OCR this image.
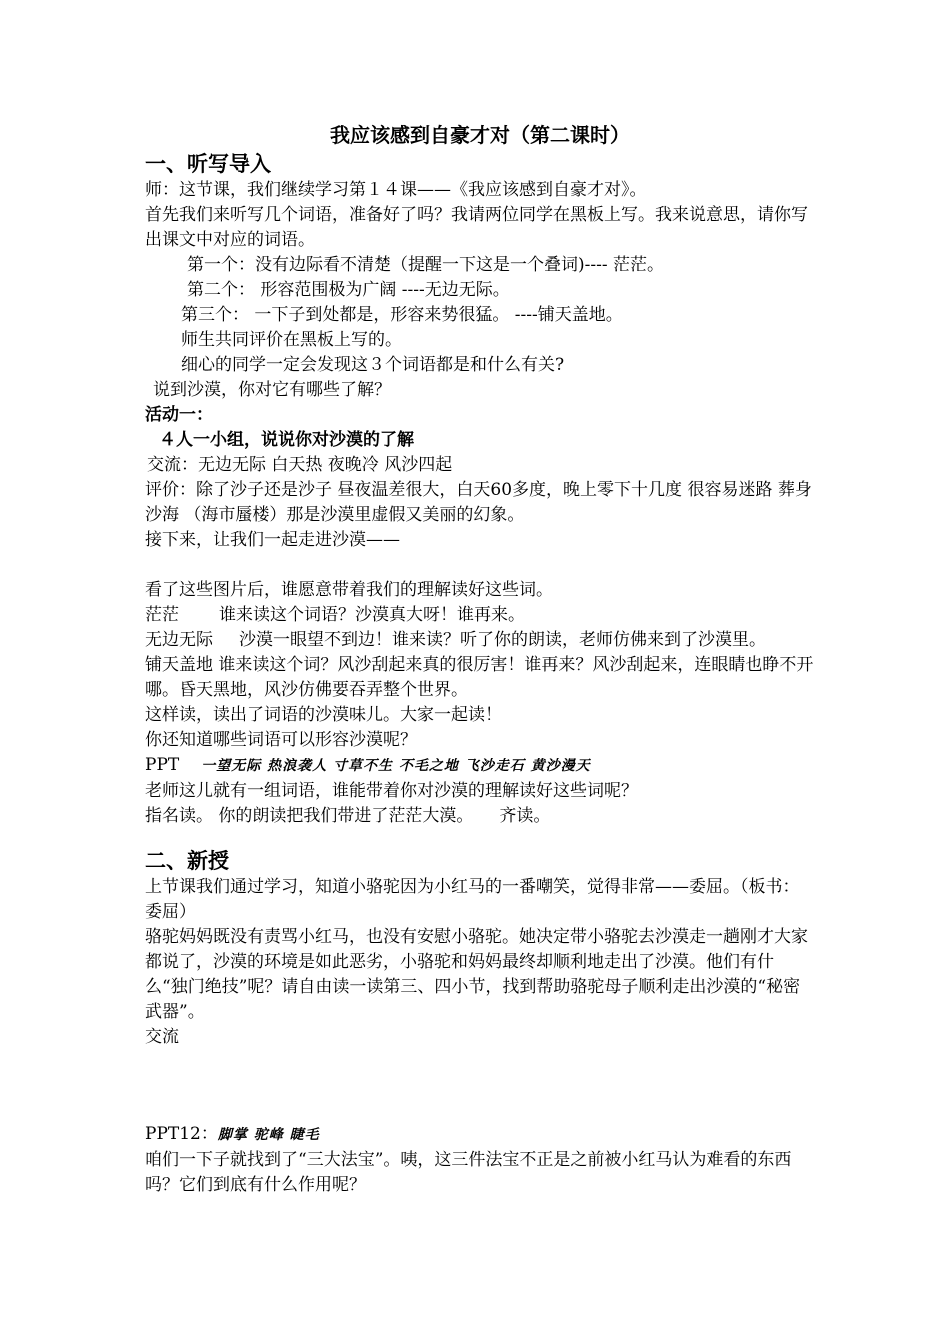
我应该感到自豪才对（第二课时）
一、听写导入
师：这节课，我们继续学习第１４课——《我应该感到自豪才对》。
首先我们来听写几个词语，准备好了吗？我请两位同学在黑板上写。我来说意思，请你写出课文中对应的词语。
第一个：没有边际看不清楚（提醒一下这是一个叠词)---- 茫茫。
第二个： 形容范围极为广阔 ----无边无际。
第三个： 一下子到处都是，形容来势很猛。 ----铺天盖地。
师生共同评价在黑板上写的。
细心的同学一定会发现这３个词语都是和什么有关?
说到沙漠，你对它有哪些了解？
活动一：
４人一小组，说说你对沙漠的了解
交流：无边无际 白天热 夜晚冷 风沙四起
评价：除了沙子还是沙子 昼夜温差很大，白天60多度，晚上零下十几度 很容易迷路 葬身沙海 （海市蜃楼）那是沙漠里虚假又美丽的幻象。
接下来，让我们一起走进沙漠——
看了这些图片后，谁愿意带着我们的理解读好这些词。
茫茫 谁来读这个词语？沙漠真大呀！谁再来。
无边无际 沙漠一眼望不到边！谁来读？听了你的朗读，老师仿佛来到了沙漠里。
铺天盖地 谁来读这个词？风沙刮起来真的很厉害！谁再来？风沙刮起来，连眼睛也睁不开哪。昏天黑地，风沙仿佛要吞弄整个世界。
这样读，读出了词语的沙漠味儿。大家一起读！
你还知道哪些词语可以形容沙漠呢？
PPT 一望无际 热浪袭人 寸草不生 不毛之地 飞沙走石 黄沙漫天
老师这儿就有一组词语，谁能带着你对沙漠的理解读好这些词呢？
指名读。 你的朗读把我们带进了茫茫大漠。 齐读。
二、新授
上节课我们通过学习，知道小骆驼因为小红马的一番嘲笑，觉得非常——委屈。（板书：委屈）
骆驼妈妈既没有责骂小红马，也没有安慰小骆驼。她决定带小骆驼去沙漠走一趟刚才大家都说了，沙漠的环境是如此恶劣，小骆驼和妈妈最终却顺利地走出了沙漠。他们有什么“独门绝技”呢？请自由读一读第三、四小节，找到帮助骆驼母子顺利走出沙漠的“秘密武器”。
交流
PPT12：脚掌 驼峰 睫毛
咱们一下子就找到了“三大法宝”。咦，这三件法宝不正是之前被小红马认为难看的东西吗？它们到底有什么作用呢？
